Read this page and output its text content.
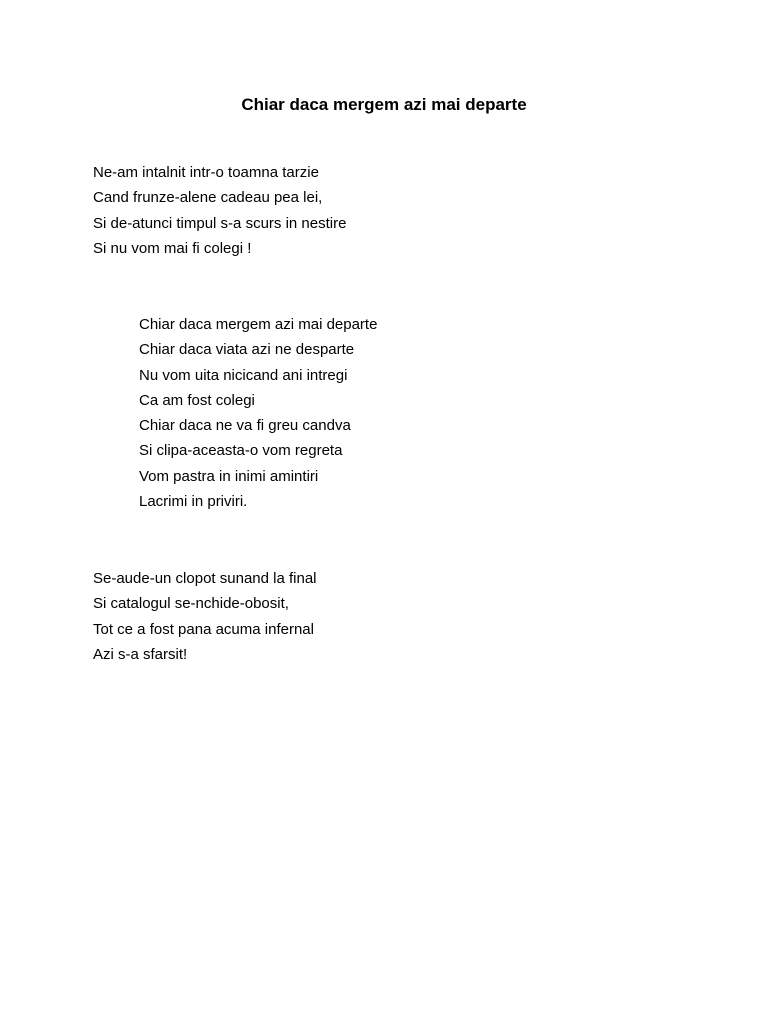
Chiar daca mergem azi mai departe
Ne-am intalnit intr-o toamna tarzie
Cand frunze-alene cadeau pea lei,
Si de-atunci timpul s-a scurs in nestire
Si nu vom mai fi colegi !
Chiar daca mergem azi mai departe
Chiar daca viata azi ne desparte
Nu vom uita nicicand ani intregi
Ca am fost colegi
Chiar daca ne va fi greu candva
Si clipa-aceasta-o vom regreta
Vom pastra in inimi amintiri
Lacrimi in priviri.
Se-aude-un clopot sunand la final
Si catalogul se-nchide-obosit,
Tot ce a fost pana acuma infernal
Azi s-a sfarsit!
